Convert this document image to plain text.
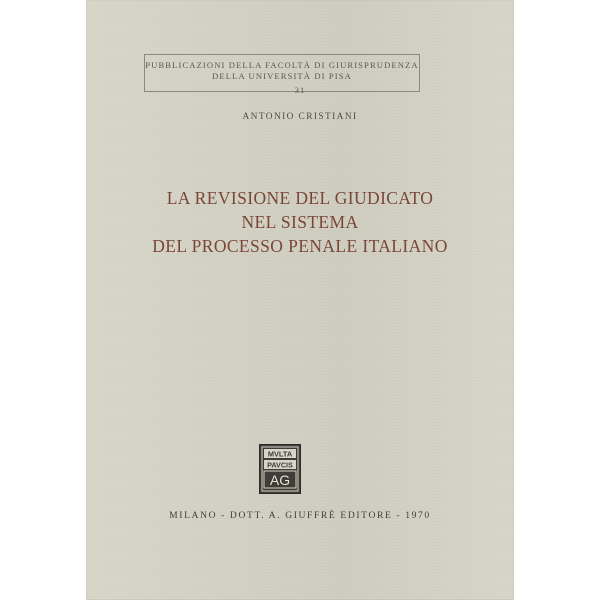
PUBBLICAZIONI DELLA FACOLTÀ DI GIURISPRUDENZA
DELLA UNIVERSITÀ DI PISA
31
ANTONIO CRISTIANI
LA REVISIONE DEL GIUDICATO
NEL SISTEMA
DEL PROCESSO PENALE ITALIANO
MVLTA
PAVCIS
AG
MILANO - DOTT. A. GIUFFRÈ EDITORE - 1970
